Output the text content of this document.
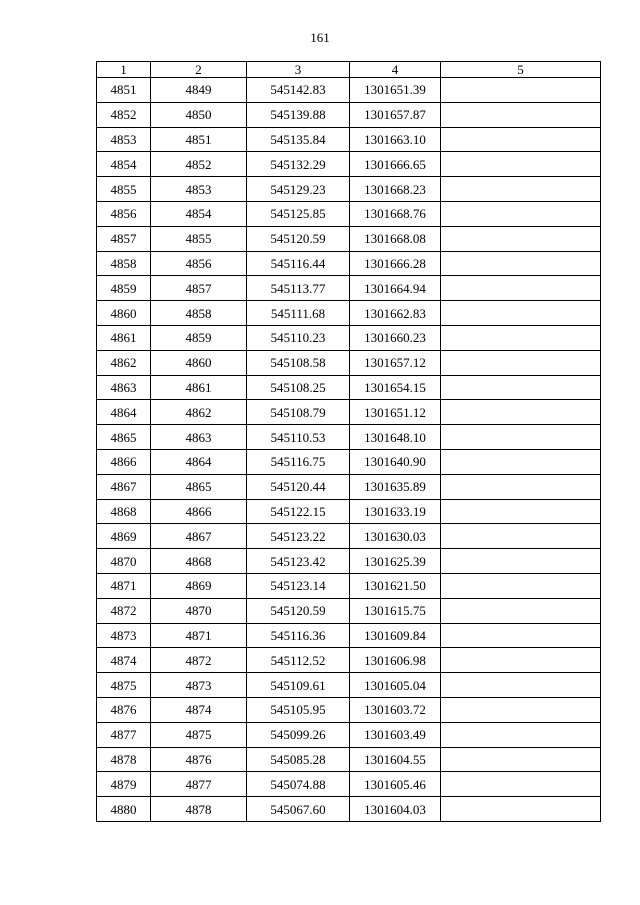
161
1	2	3	4	5
4851	4849	545142.83	1301651.39	
4852	4850	545139.88	1301657.87	
4853	4851	545135.84	1301663.10	
4854	4852	545132.29	1301666.65	
4855	4853	545129.23	1301668.23	
4856	4854	545125.85	1301668.76	
4857	4855	545120.59	1301668.08	
4858	4856	545116.44	1301666.28	
4859	4857	545113.77	1301664.94	
4860	4858	545111.68	1301662.83	
4861	4859	545110.23	1301660.23	
4862	4860	545108.58	1301657.12	
4863	4861	545108.25	1301654.15	
4864	4862	545108.79	1301651.12	
4865	4863	545110.53	1301648.10	
4866	4864	545116.75	1301640.90	
4867	4865	545120.44	1301635.89	
4868	4866	545122.15	1301633.19	
4869	4867	545123.22	1301630.03	
4870	4868	545123.42	1301625.39	
4871	4869	545123.14	1301621.50	
4872	4870	545120.59	1301615.75	
4873	4871	545116.36	1301609.84	
4874	4872	545112.52	1301606.98	
4875	4873	545109.61	1301605.04	
4876	4874	545105.95	1301603.72	
4877	4875	545099.26	1301603.49	
4878	4876	545085.28	1301604.55	
4879	4877	545074.88	1301605.46	
4880	4878	545067.60	1301604.03	
